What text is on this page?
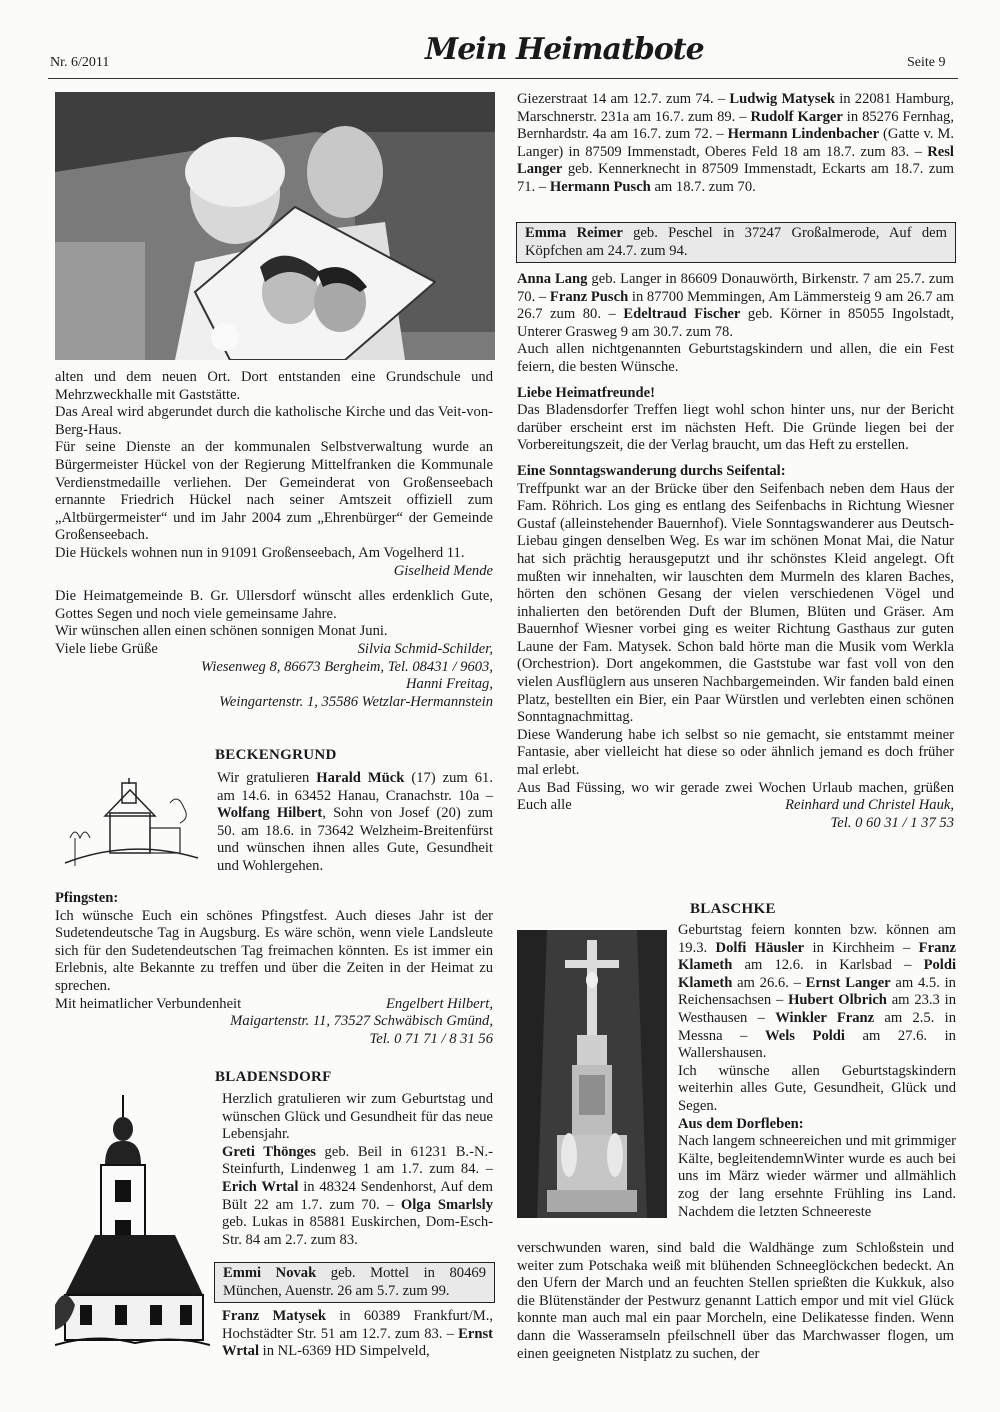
Nr. 6/2011	Mein Heimatbote	Seite 9

alten und dem neuen Ort. Dort entstanden eine Grundschule und Mehrzweckhalle mit Gaststätte.

Das Areal wird abgerundet durch die katholische Kirche und das Veit-von-Berg-Haus.

Für seine Dienste an der kommunalen Selbstverwaltung wurde an Bürgermeister Hückel von der Regierung Mittelfranken die Kommunale Verdienstmedaille verliehen. Der Gemeinderat von Großenseebach ernannte Friedrich Hückel nach seiner Amtszeit offiziell zum „Altbürgermeister“ und im Jahr 2004 zum „Ehrenbürger“ der Gemeinde Großenseebach.

Die Hückels wohnen nun in 91091 Großenseebach, Am Vogelherd 11.

Giselheid Mende

Die Heimatgemeinde B. Gr. Ullersdorf wünscht alles erdenklich Gute, Gottes Segen und noch viele gemeinsame Jahre.

Wir wünschen allen einen schönen sonnigen Monat Juni.

Viele liebe Grüße	Silvia Schmid-Schilder,

Wiesenweg 8, 86673 Bergheim, Tel. 08431 / 9603,

Hanni Freitag,

Weingartenstr. 1, 35586 Wetzlar-Hermannstein

BECKENGRUND

Wir gratulieren Harald Mück (17) zum 61. am 14.6. in 63452 Hanau, Cranachstr. 10a – Wolfang Hilbert, Sohn von Josef (20) zum 50. am 18.6. in 73642 Welzheim-Breitenfürst und wünschen ihnen alles Gute, Gesundheit und Wohlergehen.

Pfingsten:

Ich wünsche Euch ein schönes Pfingstfest. Auch dieses Jahr ist der Sudetendeutsche Tag in Augsburg. Es wäre schön, wenn viele Landsleute sich für den Sudetendeutschen Tag freimachen könnten. Es ist immer ein Erlebnis, alte Bekannte zu treffen und über die Zeiten in der Heimat zu sprechen.

Mit heimatlicher Verbundenheit	Engelbert Hilbert,

Maigartenstr. 11, 73527 Schwäbisch Gmünd,

Tel. 0 71 71 / 8 31 56

BLADENSDORF

Herzlich gratulieren wir zum Geburtstag und wünschen Glück und Gesundheit für das neue Lebensjahr.

Greti Thönges geb. Beil in 61231 B.-N.-Steinfurth, Lindenweg 1 am 1.7. zum 84. – Erich Wrtal in 48324 Sendenhorst, Auf dem Bült 22 am 1.7. zum 70. – Olga Smarlsly geb. Lukas in 85881 Euskirchen, Dom-Esch-Str. 84 am 2.7. zum 83.

Emmi Novak geb. Mottel in 80469 München, Auenstr. 26 am 5.7. zum 99.

Franz Matysek in 60389 Frankfurt/M., Hochstädter Str. 51 am 12.7. zum 83. – Ernst Wrtal in NL-6369 HD Simpelveld,

Giezerstraat 14 am 12.7. zum 74. – Ludwig Matysek in 22081 Hamburg, Marschnerstr. 231a am 16.7. zum 89. – Rudolf Karger in 85276 Fernhag, Bernhardstr. 4a am 16.7. zum 72. – Hermann Lindenbacher (Gatte v. M. Langer) in 87509 Immenstadt, Oberes Feld 18 am 18.7. zum 83. – Resl Langer geb. Kennerknecht in 87509 Immenstadt, Eckarts am 18.7. zum 71. – Hermann Pusch am 18.7. zum 70.

Emma Reimer geb. Peschel in 37247 Großalmerode, Auf dem Köpfchen am 24.7. zum 94.

Anna Lang geb. Langer in 86609 Donauwörth, Birkenstr. 7 am 25.7. zum 70. – Franz Pusch in 87700 Memmingen, Am Lämmersteig 9 am 26.7 am 26.7 zum 80. – Edeltraud Fischer geb. Körner in 85055 Ingolstadt, Unterer Grasweg 9 am 30.7. zum 78.

Auch allen nichtgenannten Geburtstagskindern und allen, die ein Fest feiern, die besten Wünsche.

Liebe Heimatfreunde!

Das Bladensdorfer Treffen liegt wohl schon hinter uns, nur der Bericht darüber erscheint erst im nächsten Heft. Die Gründe liegen bei der Vorbereitungszeit, die der Verlag braucht, um das Heft zu erstellen.

Eine Sonntagswanderung durchs Seifental:

Treffpunkt war an der Brücke über den Seifenbach neben dem Haus der Fam. Röhrich. Los ging es entlang des Seifenbachs in Richtung Wiesner Gustaf (alleinstehender Bauernhof). Viele Sonntagswanderer aus Deutsch-Liebau gingen denselben Weg. Es war im schönen Monat Mai, die Natur hat sich prächtig herausgeputzt und ihr schönstes Kleid angelegt. Oft mußten wir innehalten, wir lauschten dem Murmeln des klaren Baches, hörten den schönen Gesang der vielen verschiedenen Vögel und inhalierten den betörenden Duft der Blumen, Blüten und Gräser. Am Bauernhof Wiesner vorbei ging es weiter Richtung Gasthaus zur guten Laune der Fam. Matysek. Schon bald hörte man die Musik vom Werkla (Orchestrion). Dort angekommen, die Gaststube war fast voll von den vielen Ausflüglern aus unseren Nachbargemeinden. Wir fanden bald einen Platz, bestellten ein Bier, ein Paar Würstlen und verlebten einen schönen Sonntagnachmittag.

Diese Wanderung habe ich selbst so nie gemacht, sie entstammt meiner Fantasie, aber vielleicht hat diese so oder ähnlich jemand es doch früher mal erlebt.

Aus Bad Füssing, wo wir gerade zwei Wochen Urlaub machen, grüßen Euch alle	Reinhard und Christel Hauk,

Tel. 0 60 31 / 1 37 53

BLASCHKE

Geburtstag feiern konnten bzw. können am 19.3. Dolfi Häusler in Kirchheim – Franz Klameth am 12.6. in Karlsbad – Poldi Klameth am 26.6. – Ernst Langer am 4.5. in Reichensachsen – Hubert Olbrich am 23.3 in Westhausen – Winkler Franz am 2.5. in Messna – Wels Poldi am 27.6. in Wallershausen.

Ich wünsche allen Geburtstagskindern weiterhin alles Gute, Gesundheit, Glück und Segen.

Aus dem Dorfleben:

Nach langem schneereichen und mit grimmiger Kälte, begleitendemnWinter wurde es auch bei uns im März wieder wärmer und allmählich zog der lang ersehnte Frühling ins Land. Nachdem die letzten Schneereste

verschwunden waren, sind bald die Waldhänge zum Schloßstein und weiter zum Potschaka weiß mit blühenden Schneeglöckchen bedeckt. An den Ufern der March und an feuchten Stellen sprießten die Kukkuk, also die Blütenständer der Pestwurz genannt Lattich empor und mit viel Glück konnte man auch mal ein paar Morcheln, eine Delikatesse finden. Wenn dann die Wasseramseln pfeilschnell über das Marchwasser flogen, um einen geeigneten Nistplatz zu suchen, der
